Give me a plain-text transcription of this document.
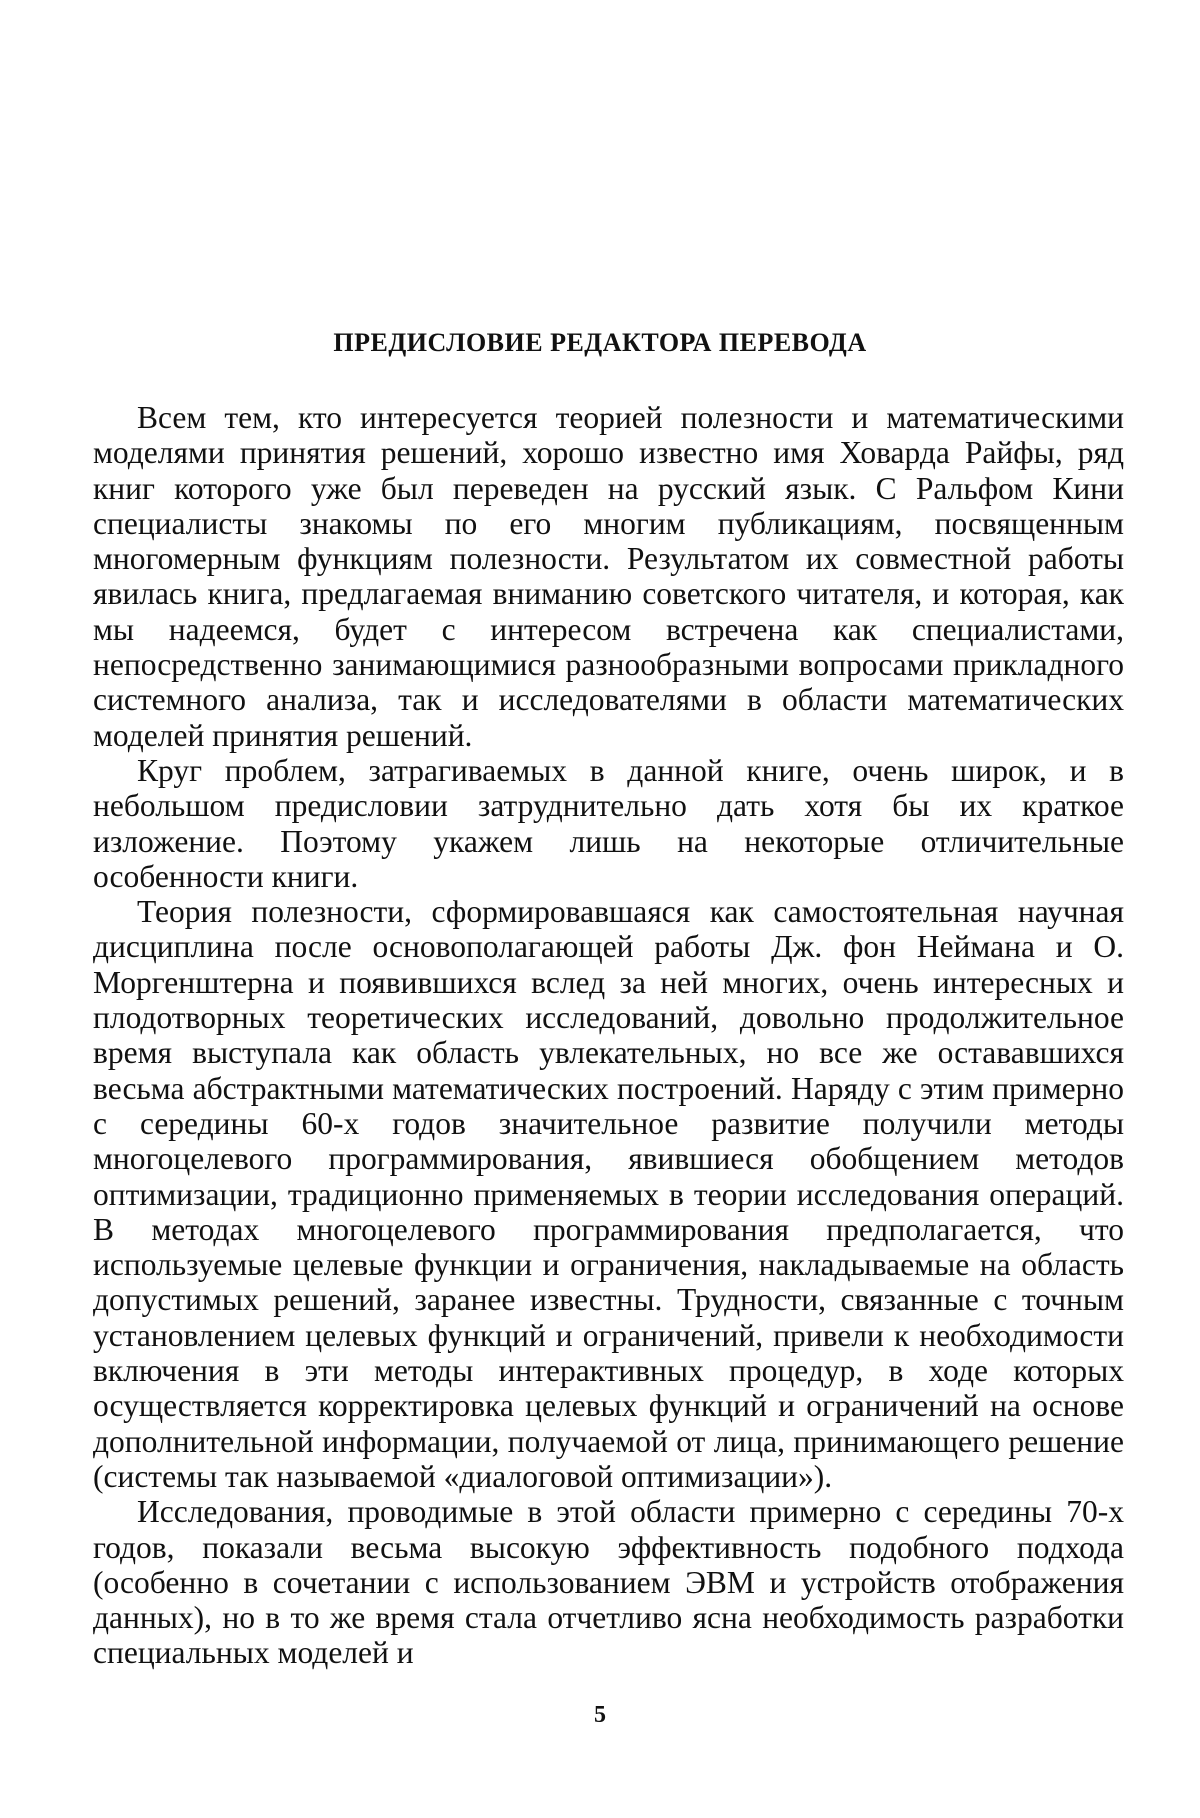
ПРЕДИСЛОВИЕ РЕДАКТОРА ПЕРЕВОДА

Всем тем, кто интересуется теорией полезности и математическими моделями принятия решений, хорошо известно имя Ховарда Райфы, ряд книг которого уже был переведен на русский язык. С Ральфом Кини специалисты знакомы по его многим публикациям, посвященным многомерным функциям полезности. Результатом их совместной работы явилась книга, предлагаемая вниманию советского читателя, и которая, как мы надеемся, будет с интересом встречена как специалистами, непосредственно занимающимися разнообразными вопросами прикладного системного анализа, так и исследователями в области математических моделей принятия решений.

Круг проблем, затрагиваемых в данной книге, очень широк, и в небольшом предисловии затруднительно дать хотя бы их краткое изложение. Поэтому укажем лишь на некоторые отличительные особенности книги.

Теория полезности, сформировавшаяся как самостоятельная научная дисциплина после основополагающей работы Дж. фон Неймана и О. Моргенштерна и появившихся вслед за ней многих, очень интересных и плодотворных теоретических исследований, довольно продолжительное время выступала как область увлекательных, но все же остававшихся весьма абстрактными математических построений. Наряду с этим примерно с середины 60-х годов значительное развитие получили методы многоцелевого программирования, явившиеся обобщением методов оптимизации, традиционно применяемых в теории исследования операций. В методах многоцелевого программирования предполагается, что используемые целевые функции и ограничения, накладываемые на область допустимых решений, заранее известны. Трудности, связанные с точным установлением целевых функций и ограничений, привели к необходимости включения в эти методы интерактивных процедур, в ходе которых осуществляется корректировка целевых функций и ограничений на основе дополнительной информации, получаемой от лица, принимающего решение (системы так называемой «диалоговой оптимизации»).

Исследования, проводимые в этой области примерно с середины 70-х годов, показали весьма высокую эффективность подобного подхода (особенно в сочетании с использованием ЭВМ и устройств отображения данных), но в то же время стала отчетливо ясна необходимость разработки специальных моделей и

5
